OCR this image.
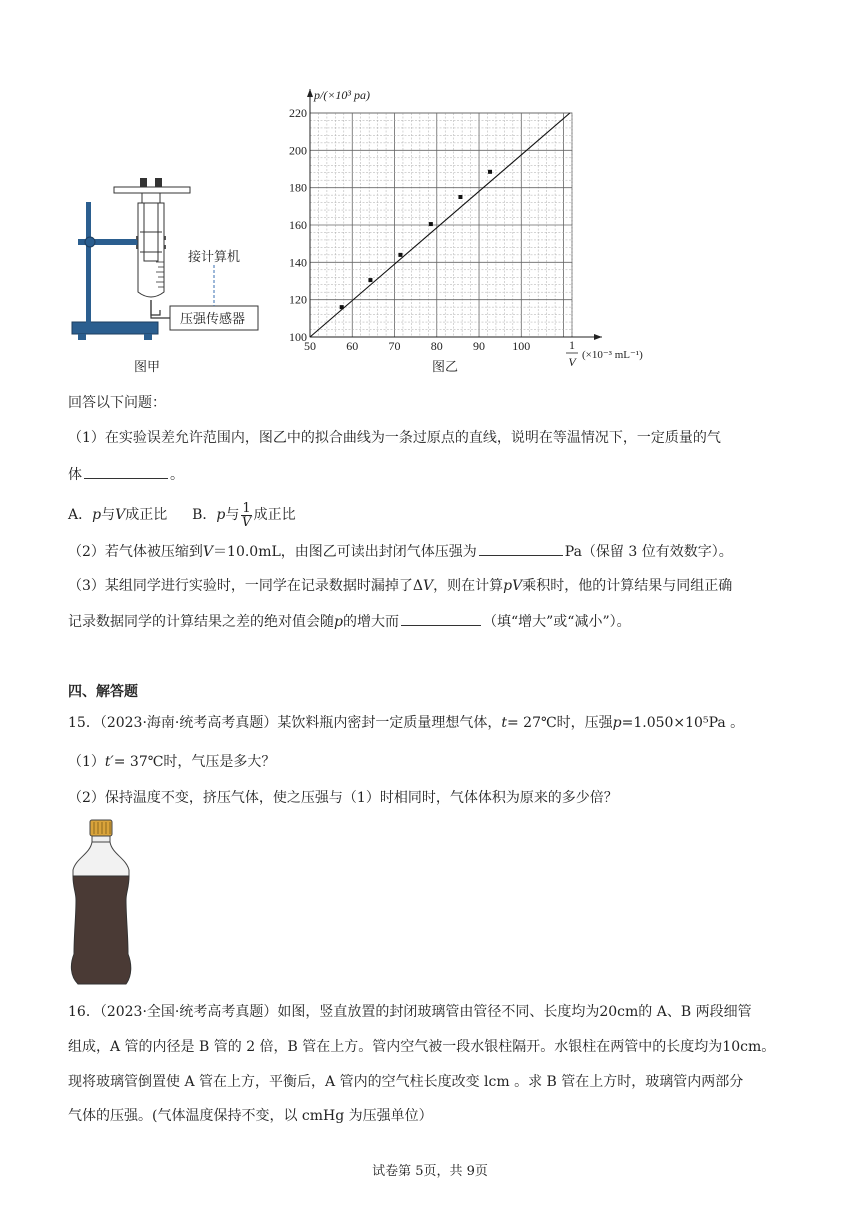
接计算机
压强传感器
图甲
50	60	70	80	90 100
100
120
140
160
180
200
220
p/(×10³ pa)
1
V (×10⁻³ mL⁻¹)
图乙
回答以下问题：
（1）在实验误差允许范围内，图乙中的拟合曲线为一条过原点的直线，说明在等温情况下，一定质量的气
体	。
A．p与V成正比 B．p与 $\frac{1}{V}$ 成正比
（2）若气体被压缩到V＝10.0mL，由图乙可读出封闭气体压强为	Pa（保留 3 位有效数字）。
（3）某组同学进行实验时，一同学在记录数据时漏掉了ΔV，则在计算pV乘积时，他的计算结果与同组正确
记录数据同学的计算结果之差的绝对值会随p的增大而	（填“增大”或“减小”）。
四、解答题
15．（2023·海南·统考高考真题）某饮料瓶内密封一定质量理想气体，t= 27℃时，压强p=1.050×10⁵Pa 。
（1）t′= 37℃时，气压是多大？
（2）保持温度不变，挤压气体，使之压强与（1）时相同时，气体体积为原来的多少倍？
16．（2023·全国·统考高考真题）如图，竖直放置的封闭玻璃管由管径不同、长度均为20cm的 A、B 两段细管
组成，A 管的内径是 B 管的 2 倍，B 管在上方。管内空气被一段水银柱隔开。水银柱在两管中的长度均为10cm。
现将玻璃管倒置使 A 管在上方，平衡后，A 管内的空气柱长度改变 lcm 。求 B 管在上方时，玻璃管内两部分
气体的压强。(气体温度保持不变，以 cmHg 为压强单位）
试卷第 5页，共 9页
